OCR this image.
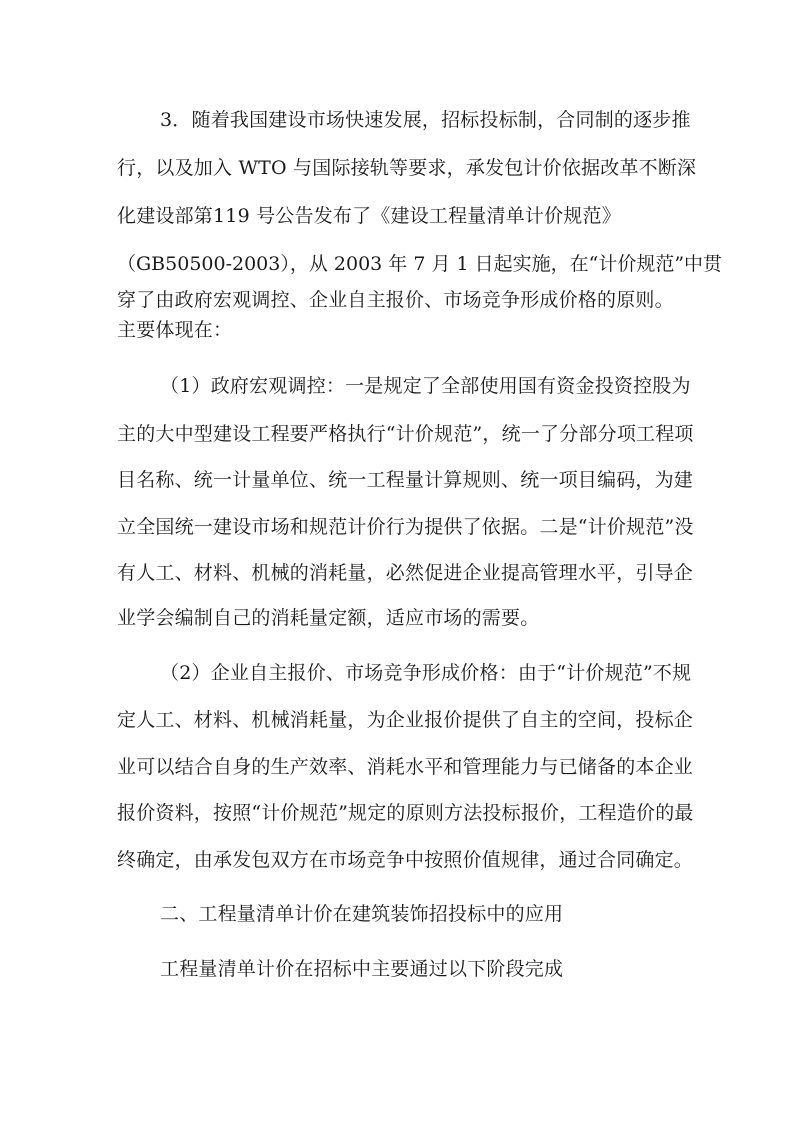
3．随着我国建设市场快速发展，招标投标制，合同制的逐步推
行，以及加入 WTO 与国际接轨等要求，承发包计价依据改革不断深
化建设部第119 号公告发布了《建设工程量清单计价规范》
（GB50500-2003），从 2003 年 7 月 1 日起实施，在“计价规范”中贯
穿了由政府宏观调控、企业自主报价、市场竞争形成价格的原则。
主要体现在：
（1）政府宏观调控：一是规定了全部使用国有资金投资控股为
主的大中型建设工程要严格执行“计价规范”，统一了分部分项工程项
目名称、统一计量单位、统一工程量计算规则、统一项目编码，为建
立全国统一建设市场和规范计价行为提供了依据。二是“计价规范”没
有人工、材料、机械的消耗量，必然促进企业提高管理水平，引导企
业学会编制自己的消耗量定额，适应市场的需要。
（2）企业自主报价、市场竞争形成价格：由于“计价规范”不规
定人工、材料、机械消耗量，为企业报价提供了自主的空间，投标企
业可以结合自身的生产效率、消耗水平和管理能力与已储备的本企业
报价资料，按照“计价规范”规定的原则方法投标报价，工程造价的最
终确定，由承发包双方在市场竞争中按照价值规律，通过合同确定。
二、工程量清单计价在建筑装饰招投标中的应用
工程量清单计价在招标中主要通过以下阶段完成
